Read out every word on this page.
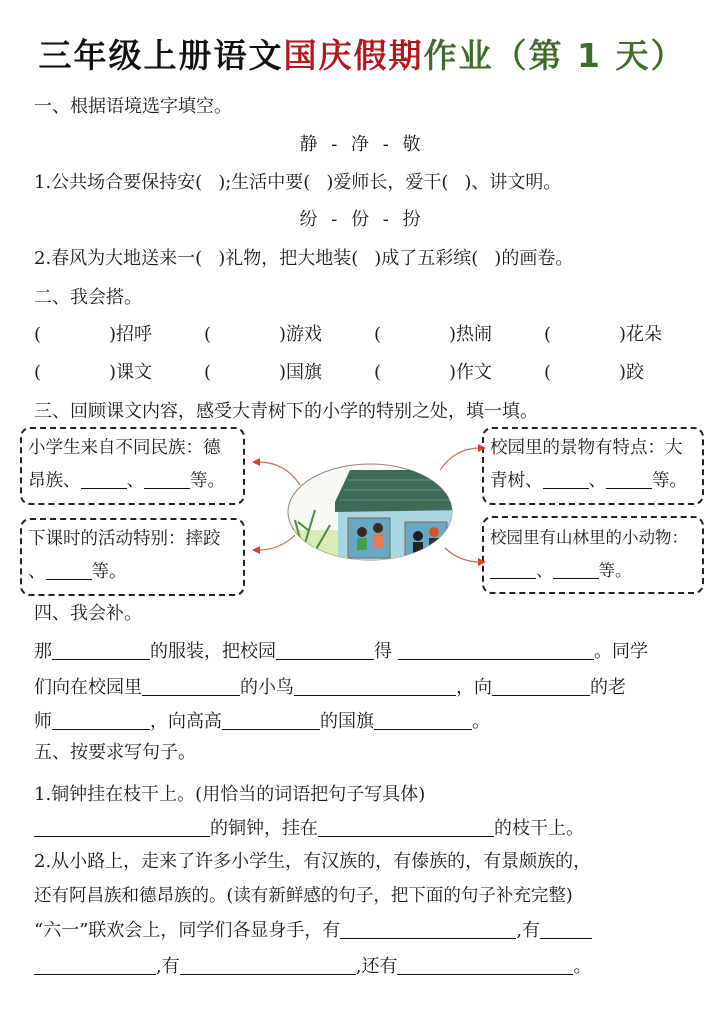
三年级上册语文国庆假期作业（第 1 天）
一、根据语境选字填空。
静 - 净 - 敬
1.公共场合要保持安( );生活中要( )爱师长，爱干( )、讲文明。
纷 - 份 - 扮
2.春风为大地送来一( )礼物，把大地装( )成了五彩缤( )的画卷。
二、我会搭。
(	)招呼	(	)游戏	(	)热闹	(	)花朵
(	)课文	(	)国旗	(	)作文	(	)跤
三、回顾课文内容，感受大青树下的小学的特别之处，填一填。
小学生来自不同民族：德
昂族、	、	等。
下课时的活动特别：摔跤
、	等。
校园里的景物有特点：大
青树、	、	等。
校园里有山林里的小动物：
、	等。
四、我会补。
那	的服装，把校园	得	。同学
们向在校园里	的小鸟	，向	的老
师	，向高高	的国旗	。
五、按要求写句子。
1.铜钟挂在枝干上。(用恰当的词语把句子写具体)
的铜钟，挂在	的枝干上。
2.从小路上，走来了许多小学生，有汉族的，有傣族的，有景颇族的，
还有阿昌族和德昂族的。(读有新鲜感的句子，把下面的句子补充完整)
“六一”联欢会上，同学们各显身手，有	,有
,有	,还有	。
